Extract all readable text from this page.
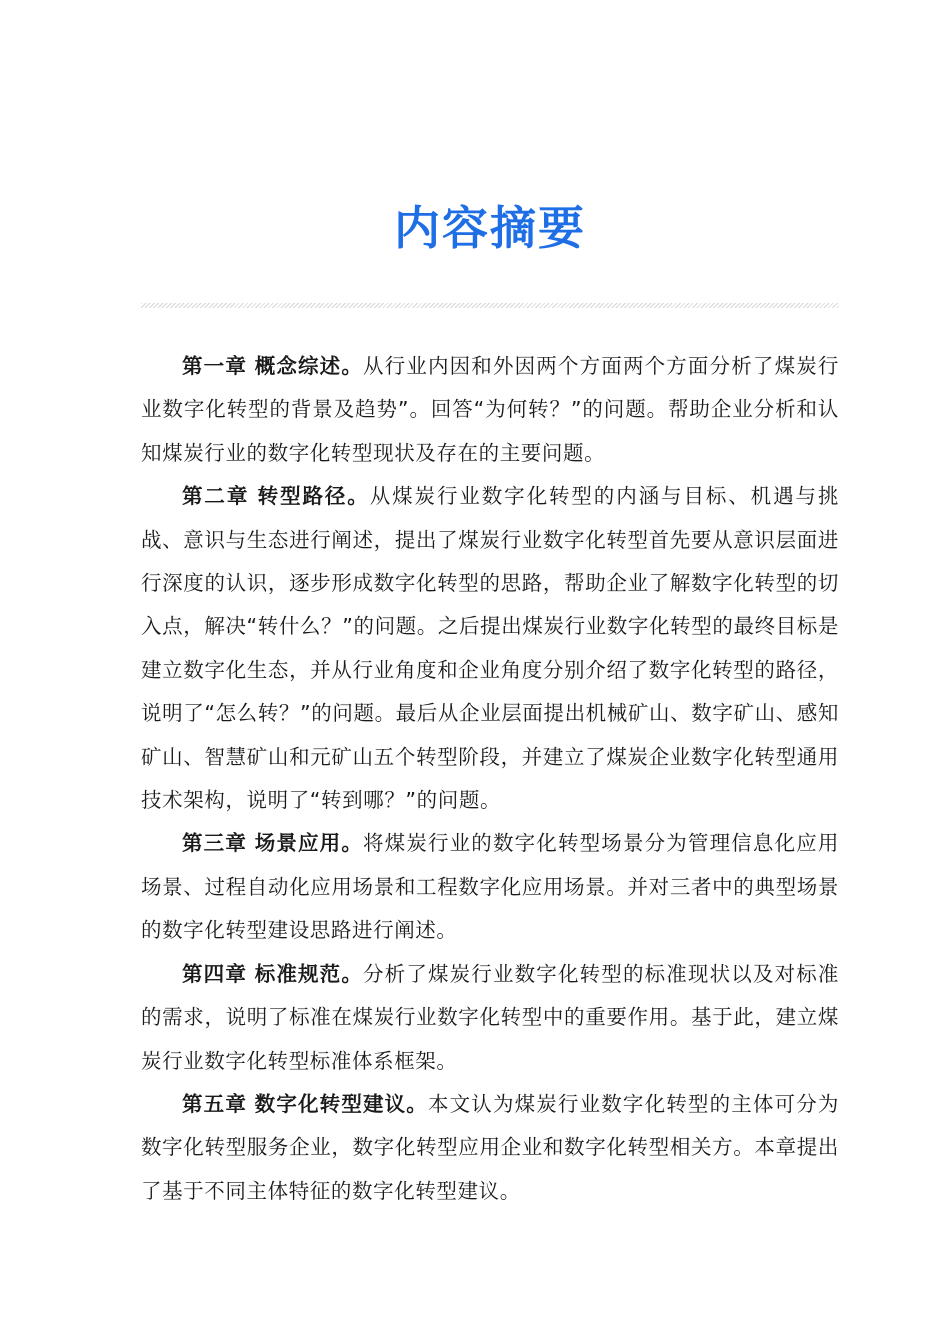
内容摘要

第一章 概念综述。从行业内因和外因两个方面两个方面分析了煤炭行业数字化转型的背景及趋势”。回答“为何转？”的问题。帮助企业分析和认知煤炭行业的数字化转型现状及存在的主要问题。

第二章 转型路径。从煤炭行业数字化转型的内涵与目标、机遇与挑战、意识与生态进行阐述，提出了煤炭行业数字化转型首先要从意识层面进行深度的认识，逐步形成数字化转型的思路，帮助企业了解数字化转型的切入点，解决“转什么？”的问题。之后提出煤炭行业数字化转型的最终目标是建立数字化生态，并从行业角度和企业角度分别介绍了数字化转型的路径，说明了“怎么转？”的问题。最后从企业层面提出机械矿山、数字矿山、感知矿山、智慧矿山和元矿山五个转型阶段，并建立了煤炭企业数字化转型通用技术架构，说明了“转到哪？”的问题。

第三章 场景应用。将煤炭行业的数字化转型场景分为管理信息化应用场景、过程自动化应用场景和工程数字化应用场景。并对三者中的典型场景的数字化转型建设思路进行阐述。

第四章 标准规范。分析了煤炭行业数字化转型的标准现状以及对标准的需求，说明了标准在煤炭行业数字化转型中的重要作用。基于此，建立煤炭行业数字化转型标准体系框架。

第五章 数字化转型建议。本文认为煤炭行业数字化转型的主体可分为数字化转型服务企业，数字化转型应用企业和数字化转型相关方。本章提出了基于不同主体特征的数字化转型建议。
